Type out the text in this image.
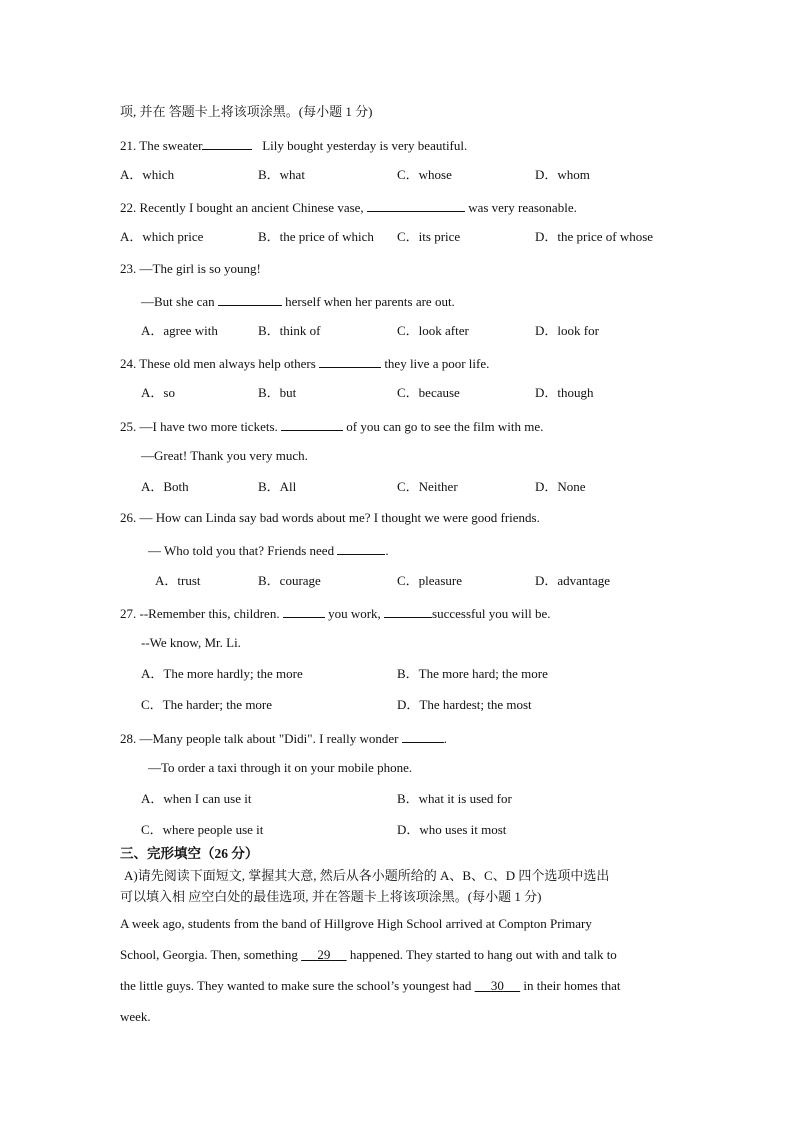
项, 并在 答题卡上将该项涂黑。(每小题 1 分)
21. The sweater	Lily bought yesterday is very beautiful.
A．which	B．what	C．whose	D．whom
22. Recently I bought an ancient Chinese vase,	was very reasonable.
A．which price	B．the price of which C．its price	D．the price of whose
23. —The girl is so young!
—But she can	herself when her parents are out.
A．agree with	B．think of	C．look after	D．look for
24. These old men always help others	they live a poor life.
A．so	B．but	C．because	D．though
25. —I have two more tickets.	of you can go to see the film with me.
—Great! Thank you very much.
A．Both	B．All	C．Neither	D．None
26. — How can Linda say bad words about me? I thought we were good friends.
— Who told you that? Friends need	.
A．trust	B．courage	C．pleasure	D．advantage
27. --Remember this, children.	you work,	successful you will be.
--We know, Mr. Li.
A．The more hardly; the more	B．The more hard; the more
C．The harder; the more	D．The hardest; the most
28. —Many people talk about "Didi". I really wonder	.
—To order a taxi through it on your mobile phone.
A．when I can use it	B．what it is used for
C．where people use it	D．who uses it most
三、完形填空（26 分）
A)请先阅读下面短文, 掌握其大意, 然后从各小题所给的 A、B、C、D 四个选项中选出
可以填入相 应空白处的最佳选项, 并在答题卡上将该项涂黑。(每小题 1 分)
A week ago, students from the band of Hillgrove High School arrived at Compton Primary
School, Georgia. Then, something      29      happened. They started to hang out with and talk to
the little guys. They wanted to make sure the school’s youngest had      30      in their homes that
week.
